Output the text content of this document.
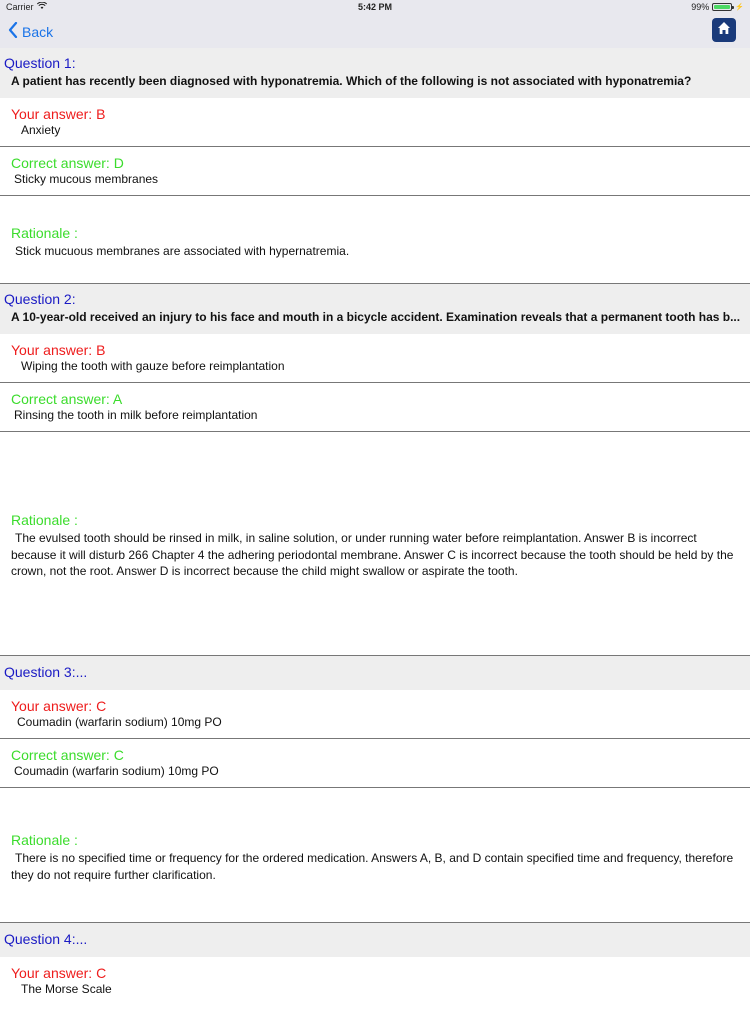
Carrier	5:42 PM	99%	⚡
Back
Question 1:
A patient has recently been diagnosed with hyponatremia. Which of the following is not associated with hyponatremia?
Your answer: B
Anxiety
Correct answer: D
Sticky mucous membranes
Rationale :
Stick mucuous membranes are associated with hypernatremia.
Question 2:
A 10-year-old received an injury to his face and mouth in a bicycle accident. Examination reveals that a permanent tooth has b...
Your answer: B
Wiping the tooth with gauze before reimplantation
Correct answer: A
Rinsing the tooth in milk before reimplantation
Rationale :
The evulsed tooth should be rinsed in milk, in saline solution, or under running water before reimplantation. Answer B is incorrect because it will disturb 266 Chapter 4 the adhering periodontal membrane. Answer C is incorrect because the tooth should be held by the crown, not the root. Answer D is incorrect because the child might swallow or aspirate the tooth.
Question 3:...
Your answer: C
Coumadin (warfarin sodium) 10mg PO
Correct answer: C
Coumadin (warfarin sodium) 10mg PO
Rationale :
There is no specified time or frequency for the ordered medication. Answers A, B, and D contain specified time and frequency, therefore they do not require further clarification.
Question 4:...
Your answer: C
The Morse Scale
